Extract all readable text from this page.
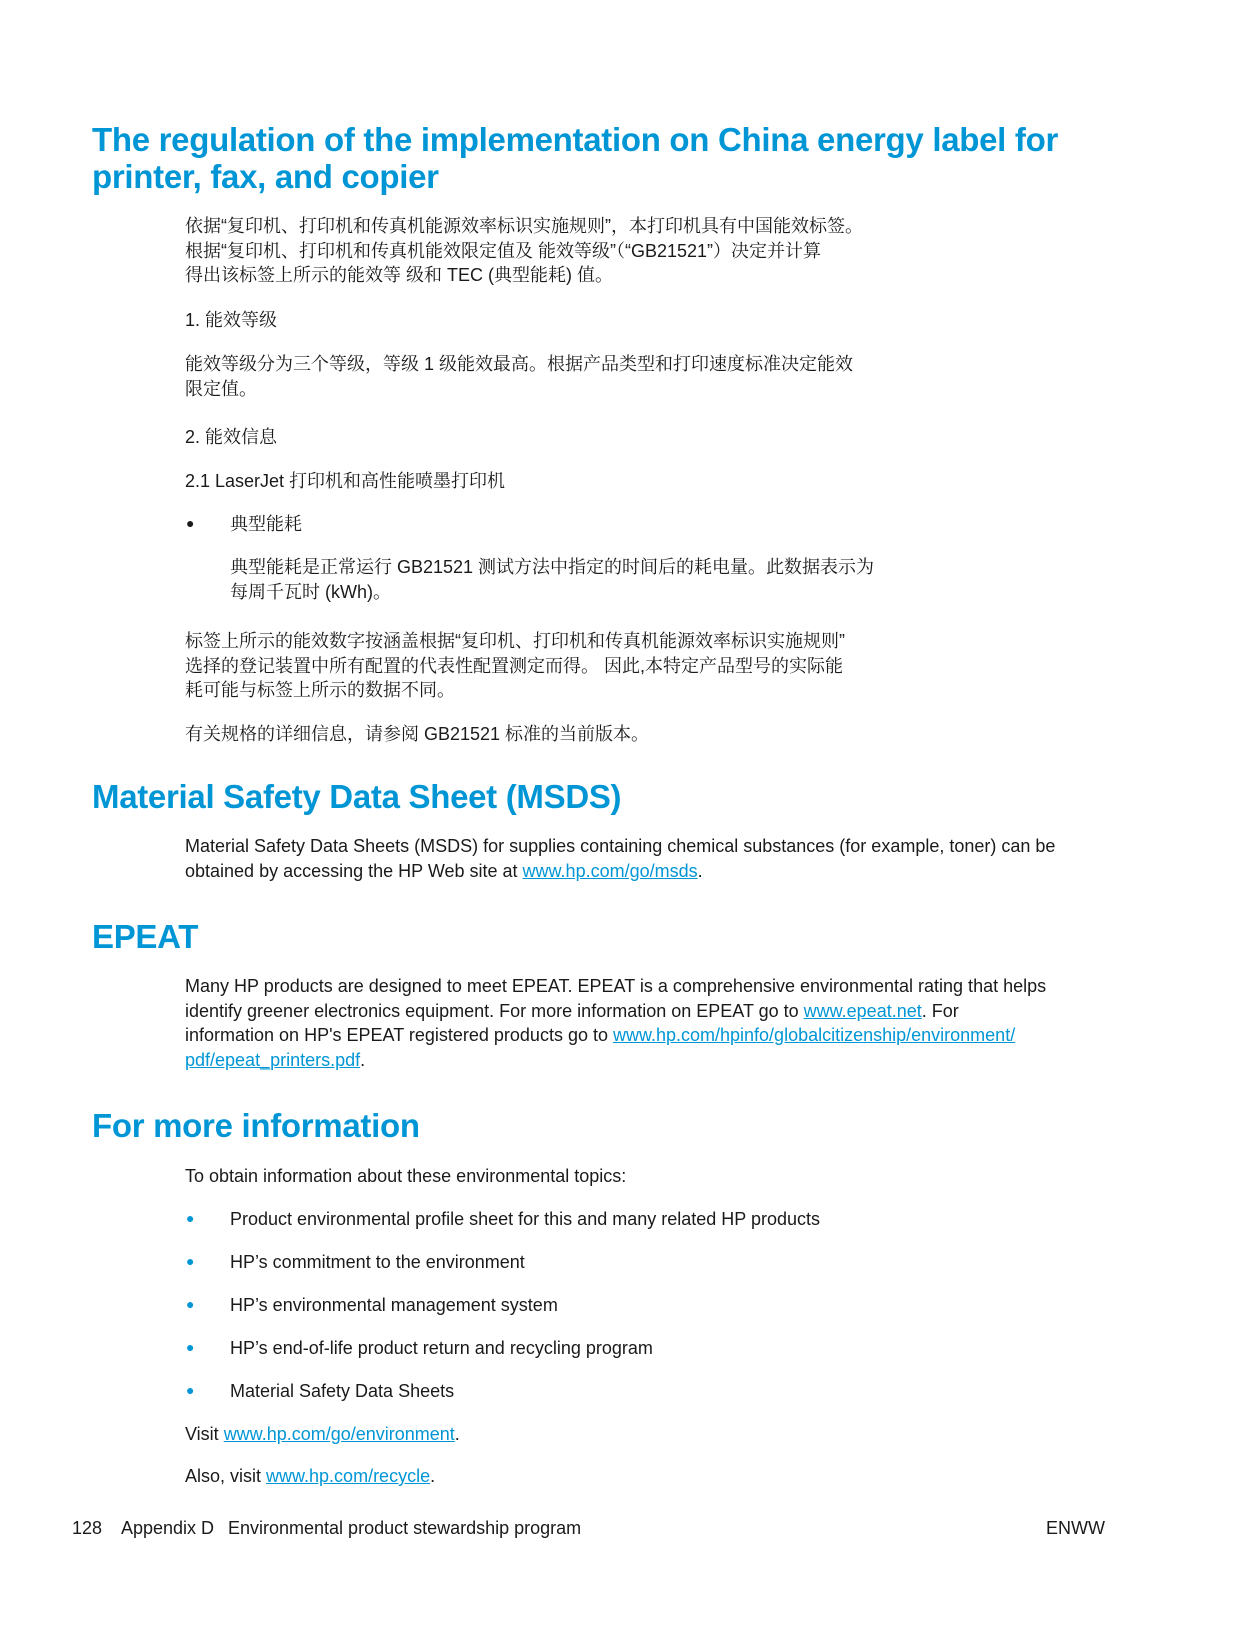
The regulation of the implementation on China energy label for
printer, fax, and copier

依据“复印机、打印机和传真机能源效率标识实施规则”，本打印机具有中国能效标签。
根据“复印机、打印机和传真机能效限定值及 能效等级”（“GB21521”）决定并计算
得出该标签上所示的能效等 级和 TEC (典型能耗) 值。

1. 能效等级

能效等级分为三个等级，等级 1 级能效最高。根据产品类型和打印速度标准决定能效
限定值。

2. 能效信息

2.1 LaserJet 打印机和高性能喷墨打印机

● 典型能耗

典型能耗是正常运行 GB21521 测试方法中指定的时间后的耗电量。此数据表示为
每周千瓦时 (kWh)。

标签上所示的能效数字按涵盖根据“复印机、打印机和传真机能源效率标识实施规则”
选择的登记装置中所有配置的代表性配置测定而得。 因此,本特定产品型号的实际能
耗可能与标签上所示的数据不同。

有关规格的详细信息，请参阅 GB21521 标准的当前版本。

Material Safety Data Sheet (MSDS)

Material Safety Data Sheets (MSDS) for supplies containing chemical substances (for example, toner) can be
obtained by accessing the HP Web site at www.hp.com/go/msds.

EPEAT

Many HP products are designed to meet EPEAT. EPEAT is a comprehensive environmental rating that helps
identify greener electronics equipment. For more information on EPEAT go to www.epeat.net. For
information on HP's EPEAT registered products go to www.hp.com/hpinfo/globalcitizenship/environment/
pdf/epeat_printers.pdf.

For more information

To obtain information about these environmental topics:

● Product environmental profile sheet for this and many related HP products

● HP’s commitment to the environment

● HP’s environmental management system

● HP’s end-of-life product return and recycling program

● Material Safety Data Sheets

Visit www.hp.com/go/environment.

Also, visit www.hp.com/recycle.

128 Appendix D Environmental product stewardship program	ENWW
